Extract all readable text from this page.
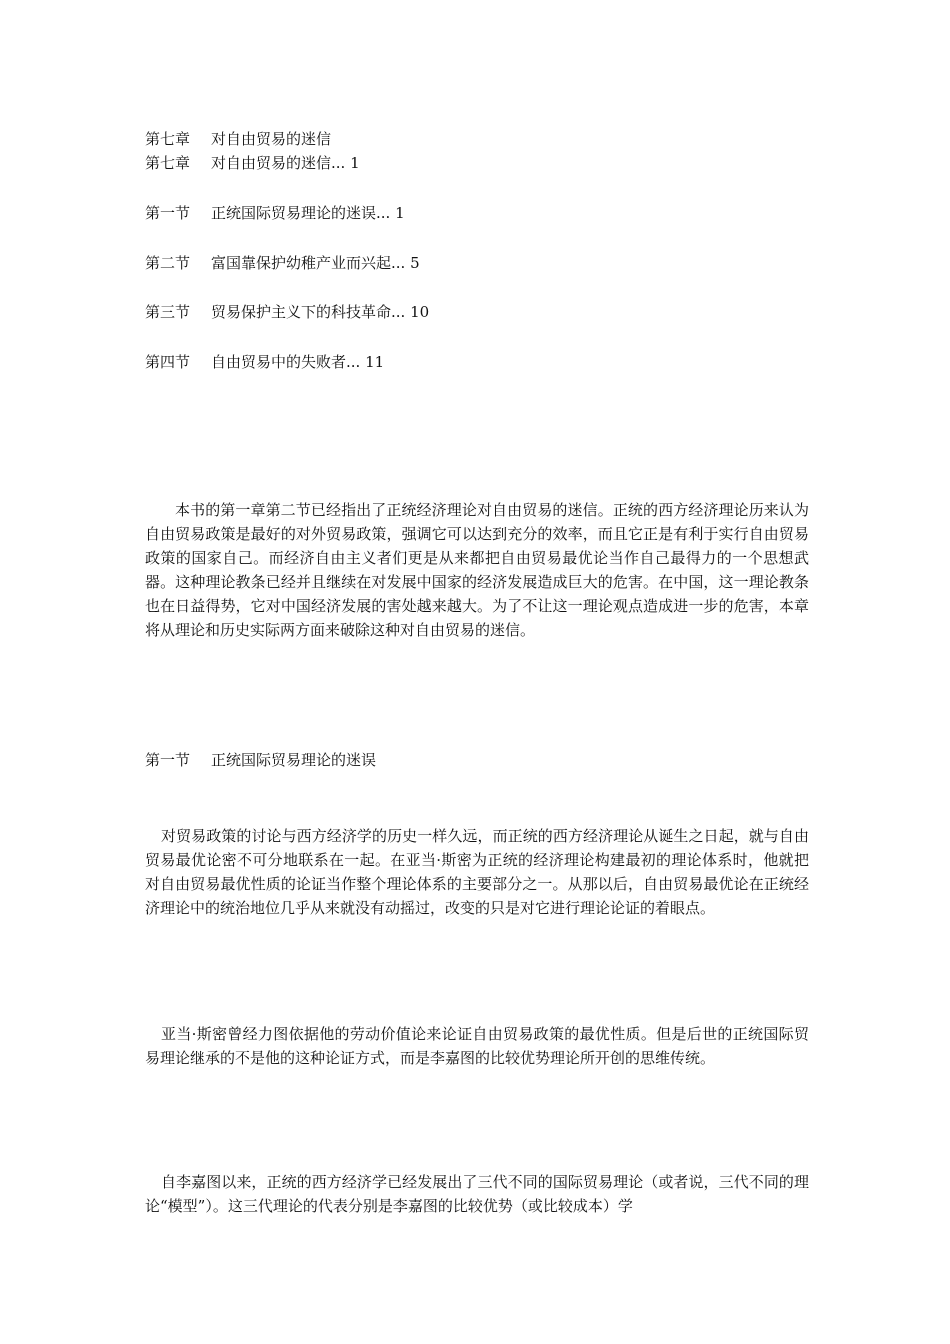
第七章 对自由贸易的迷信
第七章 对自由贸易的迷信... 1
第一节 正统国际贸易理论的迷误... 1
第二节 富国靠保护幼稚产业而兴起... 5
第三节 贸易保护主义下的科技革命... 10
第四节 自由贸易中的失败者... 11

本书的第一章第二节已经指出了正统经济理论对自由贸易的迷信。正统的西方经济理论历来认为自由贸易政策是最好的对外贸易政策，强调它可以达到充分的效率，而且它正是有利于实行自由贸易政策的国家自己。而经济自由主义者们更是从来都把自由贸易最优论当作自己最得力的一个思想武器。这种理论教条已经并且继续在对发展中国家的经济发展造成巨大的危害。在中国，这一理论教条也在日益得势，它对中国经济发展的害处越来越大。为了不让这一理论观点造成进一步的危害，本章将从理论和历史实际两方面来破除这种对自由贸易的迷信。

第一节 正统国际贸易理论的迷误

对贸易政策的讨论与西方经济学的历史一样久远，而正统的西方经济理论从诞生之日起，就与自由贸易最优论密不可分地联系在一起。在亚当·斯密为正统的经济理论构建最初的理论体系时，他就把对自由贸易最优性质的论证当作整个理论体系的主要部分之一。从那以后，自由贸易最优论在正统经济理论中的统治地位几乎从来就没有动摇过，改变的只是对它进行理论论证的着眼点。

亚当·斯密曾经力图依据他的劳动价值论来论证自由贸易政策的最优性质。但是后世的正统国际贸易理论继承的不是他的这种论证方式，而是李嘉图的比较优势理论所开创的思维传统。

自李嘉图以来，正统的西方经济学已经发展出了三代不同的国际贸易理论（或者说，三代不同的理论“模型”）。这三代理论的代表分别是李嘉图的比较优势（或比较成本）学
